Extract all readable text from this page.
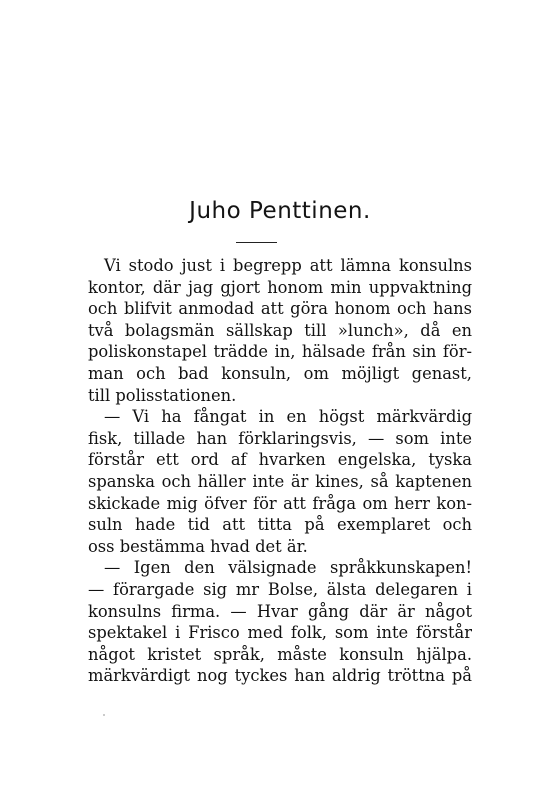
Juho Penttinen.
Vi stodo just i begrepp att lämna konsulns
kontor, där jag gjort honom min uppvaktning
och blifvit anmodad att göra honom och hans
två bolagsmän sällskap till »lunch», då en
poliskonstapel trädde in, hälsade från sin för-
man och bad konsuln, om möjligt genast,
till polisstationen.
— Vi ha fångat in en högst märkvärdig
fisk, tillade han förklaringsvis, — som inte
förstår ett ord af hvarken engelska, tyska
spanska och häller inte är kines, så kaptenen
skickade mig öfver för att fråga om herr kon-
suln hade tid att titta på exemplaret och
oss bestämma hvad det är.
— Igen den välsignade språkkunskapen!
— förargade sig mr Bolse, älsta delegaren i
konsulns firma. — Hvar gång där är något
spektakel i Frisco med folk, som inte förstår
något kristet språk, måste konsuln hjälpa.
märkvärdigt nog tyckes han aldrig tröttna på
